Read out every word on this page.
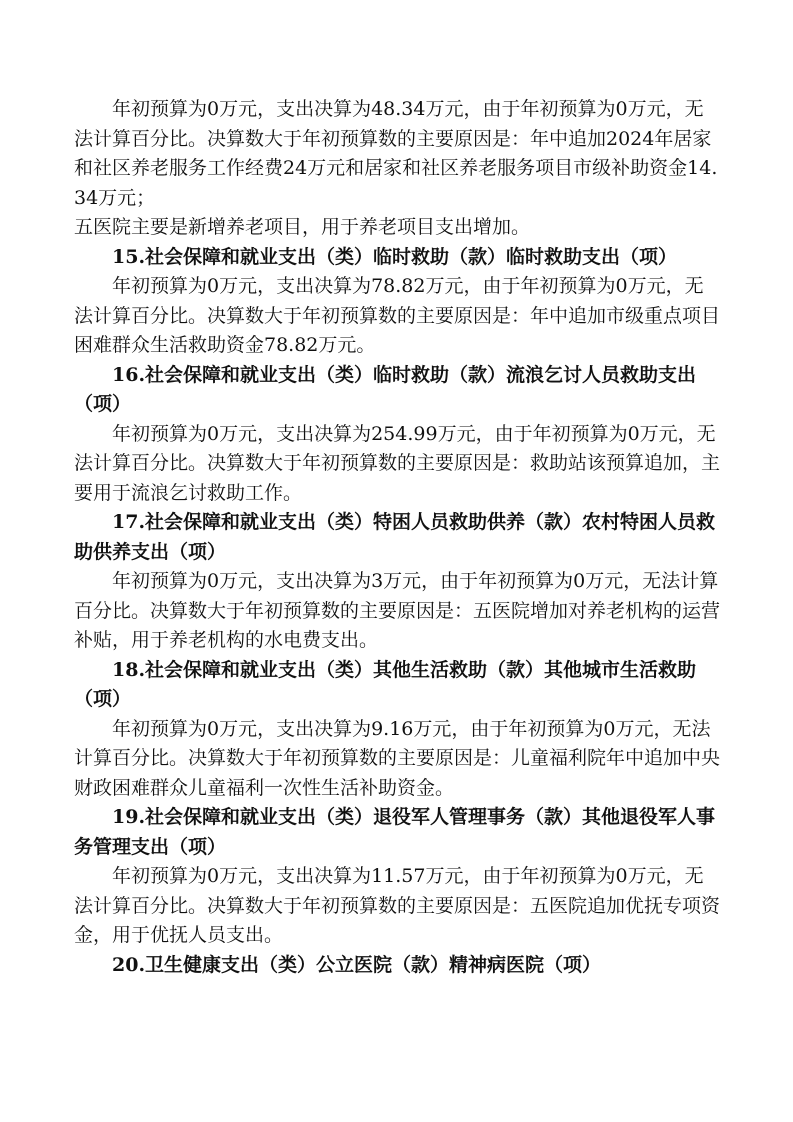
年初预算为0万元，支出决算为48.34万元，由于年初预算为0万元，无法计算百分比。决算数大于年初预算数的主要原因是：年中追加2024年居家和社区养老服务工作经费24万元和居家和社区养老服务项目市级补助资金14.34万元；

五医院主要是新增养老项目，用于养老项目支出增加。

15.社会保障和就业支出（类）临时救助（款）临时救助支出（项）

年初预算为0万元，支出决算为78.82万元，由于年初预算为0万元，无法计算百分比。决算数大于年初预算数的主要原因是：年中追加市级重点项目困难群众生活救助资金78.82万元。

16.社会保障和就业支出（类）临时救助（款）流浪乞讨人员救助支出（项）

年初预算为0万元，支出决算为254.99万元，由于年初预算为0万元，无法计算百分比。决算数大于年初预算数的主要原因是：救助站该预算追加，主要用于流浪乞讨救助工作。

17.社会保障和就业支出（类）特困人员救助供养（款）农村特困人员救助供养支出（项）

年初预算为0万元，支出决算为3万元，由于年初预算为0万元，无法计算百分比。决算数大于年初预算数的主要原因是：五医院增加对养老机构的运营补贴，用于养老机构的水电费支出。

18.社会保障和就业支出（类）其他生活救助（款）其他城市生活救助（项）

年初预算为0万元，支出决算为9.16万元，由于年初预算为0万元，无法计算百分比。决算数大于年初预算数的主要原因是：儿童福利院年中追加中央财政困难群众儿童福利一次性生活补助资金。

19.社会保障和就业支出（类）退役军人管理事务（款）其他退役军人事务管理支出（项）

年初预算为0万元，支出决算为11.57万元，由于年初预算为0万元，无法计算百分比。决算数大于年初预算数的主要原因是：五医院追加优抚专项资金，用于优抚人员支出。

20.卫生健康支出（类）公立医院（款）精神病医院（项）
